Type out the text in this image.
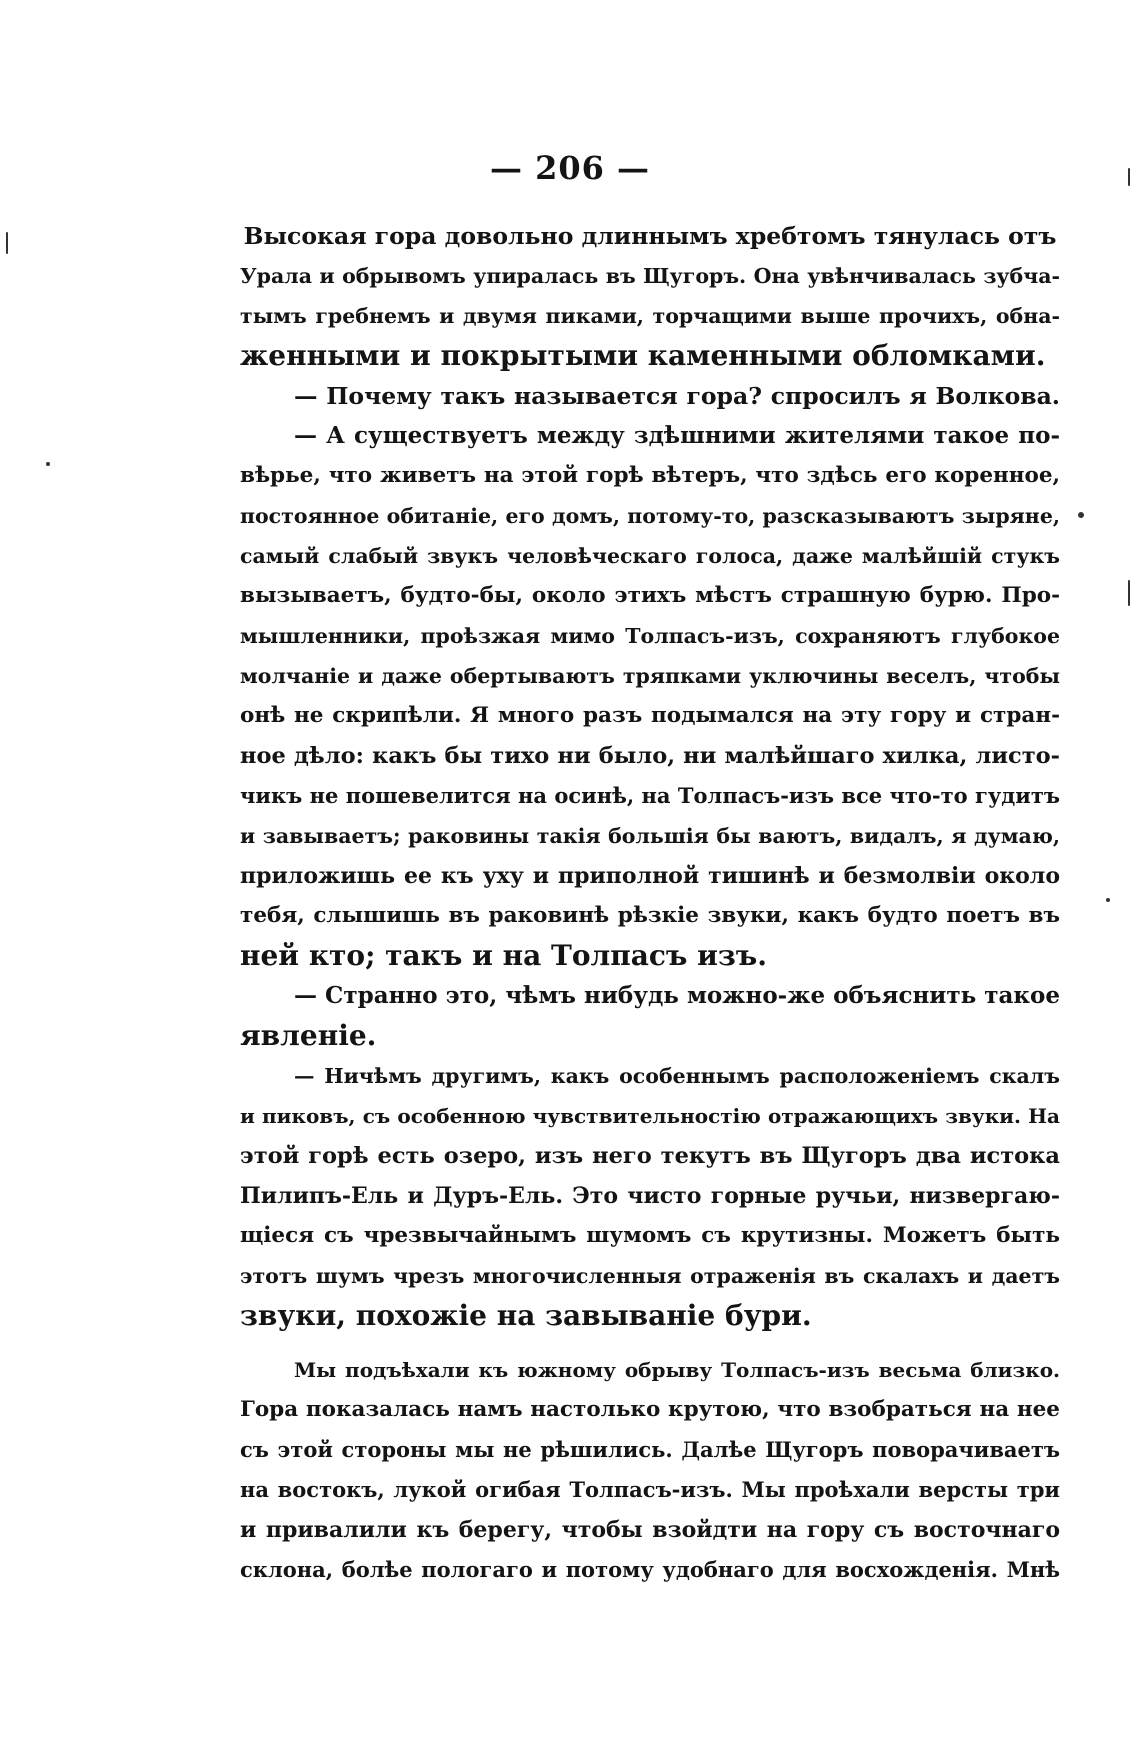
— 206 —
Высокая гора довольно длиннымъ хребтомъ тянулась отъ
Урала и обрывомъ упиралась въ Щугоръ. Она увѣнчивалась зубча-
тымъ гребнемъ и двумя пиками, торчащими выше прочихъ, обна-
женными и покрытыми каменными обломками.
— Почему такъ называется гора? спросилъ я Волкова.
— А существуетъ между здѣшними жителями такое по-
вѣрье, что живетъ на этой горѣ вѣтеръ, что здѣсь его коренное,
постоянное обитаніе, его домъ, потому-то, разсказываютъ зыряне,
самый слабый звукъ человѣческаго голоса, даже малѣйшій стукъ
вызываетъ, будто-бы, около этихъ мѣстъ страшную бурю. Про-
мышленники, проѣзжая мимо Толпасъ-изъ, сохраняютъ глубокое
молчаніе и даже обертываютъ тряпками уключины веселъ, чтобы
онѣ не скрипѣли. Я много разъ подымался на эту гору и стран-
ное дѣло: какъ бы тихо ни было, ни малѣйшаго хилка, листо-
чикъ не пошевелится на осинѣ, на Толпасъ-изъ все что-то гудитъ
и завываетъ; раковины такія большія бы ваютъ, видалъ, я думаю,
приложишь ее къ уху и приполной тишинѣ и безмолвіи около
тебя, слышишь въ раковинѣ рѣзкіе звуки, какъ будто поетъ въ
ней кто; такъ и на Толпасъ изъ.
— Странно это, чѣмъ нибудь можно-же объяснить такое
явленіе.
— Ничѣмъ другимъ, какъ особеннымъ расположеніемъ скалъ
и пиковъ, съ особенною чувствительностію отражающихъ звуки. На
этой горѣ есть озеро, изъ него текутъ въ Щугоръ два истока
Пилипъ-Ель и Дуръ-Ель. Это чисто горные ручьи, низвергаю-
щіеся съ чрезвычайнымъ шумомъ съ крутизны. Можетъ быть
этотъ шумъ чрезъ многочисленныя отраженія въ скалахъ и даетъ
звуки, похожіе на завываніе бури.
Мы подъѣхали къ южному обрыву Толпасъ-изъ весьма близко.
Гора показалась намъ настолько крутою, что взобраться на нее
съ этой стороны мы не рѣшились. Далѣе Щугоръ поворачиваетъ
на востокъ, лукой огибая Толпасъ-изъ. Мы проѣхали версты три
и привалили къ берегу, чтобы взойдти на гору съ восточнаго
склона, болѣе пологаго и потому удобнаго для восхожденія. Мнѣ
